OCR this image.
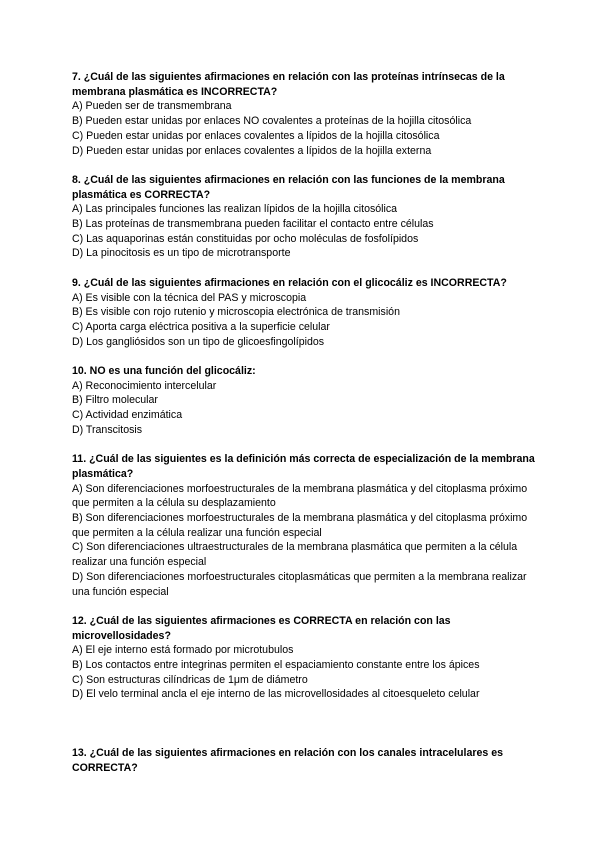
7. ¿Cuál de las siguientes afirmaciones en relación con las proteínas intrínsecas de la membrana plasmática es INCORRECTA?
A) Pueden ser de transmembrana
B) Pueden estar unidas por enlaces NO covalentes a proteínas de la hojilla citosólica
C) Pueden estar unidas por enlaces covalentes a lípidos de la hojilla citosólica
D) Pueden estar unidas por enlaces covalentes a lípidos de la hojilla externa
8. ¿Cuál de las siguientes afirmaciones en relación con las funciones de la membrana plasmática es CORRECTA?
A) Las principales funciones las realizan lípidos de la hojilla citosólica
B) Las proteínas de transmembrana pueden facilitar el contacto entre células
C) Las aquaporinas están constituidas por ocho moléculas de fosfolípidos
D) La pinocitosis es un tipo de microtransporte
9. ¿Cuál de las siguientes afirmaciones en relación con el glicocáliz es INCORRECTA?
A) Es visible con la técnica del PAS y microscopia
B) Es visible con rojo rutenio y microscopia electrónica de transmisión
C) Aporta carga eléctrica positiva a la superficie celular
D) Los gangliósidos son un tipo de glicoesfingolípidos
10. NO es una función del glicocáliz:
A) Reconocimiento intercelular
B) Filtro molecular
C) Actividad enzimática
D) Transcitosis
11. ¿Cuál de las siguientes es la definición más correcta de especialización de la membrana plasmática?
A) Son diferenciaciones morfoestructurales de la membrana plasmática y del citoplasma próximo que permiten a la célula su desplazamiento
B) Son diferenciaciones morfoestructurales de la membrana plasmática y del citoplasma próximo que permiten a la célula realizar una función especial
C) Son diferenciaciones ultraestructurales de la membrana plasmática que permiten a la célula realizar una función especial
D) Son diferenciaciones morfoestructurales citoplasmáticas que permiten a la membrana realizar una función especial
12. ¿Cuál de las siguientes afirmaciones es CORRECTA en relación con las microvellosidades?
A) El eje interno está formado por microtubulos
B) Los contactos entre integrinas permiten el espaciamiento constante entre los ápices
C) Son estructuras cilíndricas de 1μm de diámetro
D) El velo terminal ancla el eje interno de las microvellosidades al citoesqueleto celular
13. ¿Cuál de las siguientes afirmaciones en relación con los canales intracelulares es CORRECTA?
